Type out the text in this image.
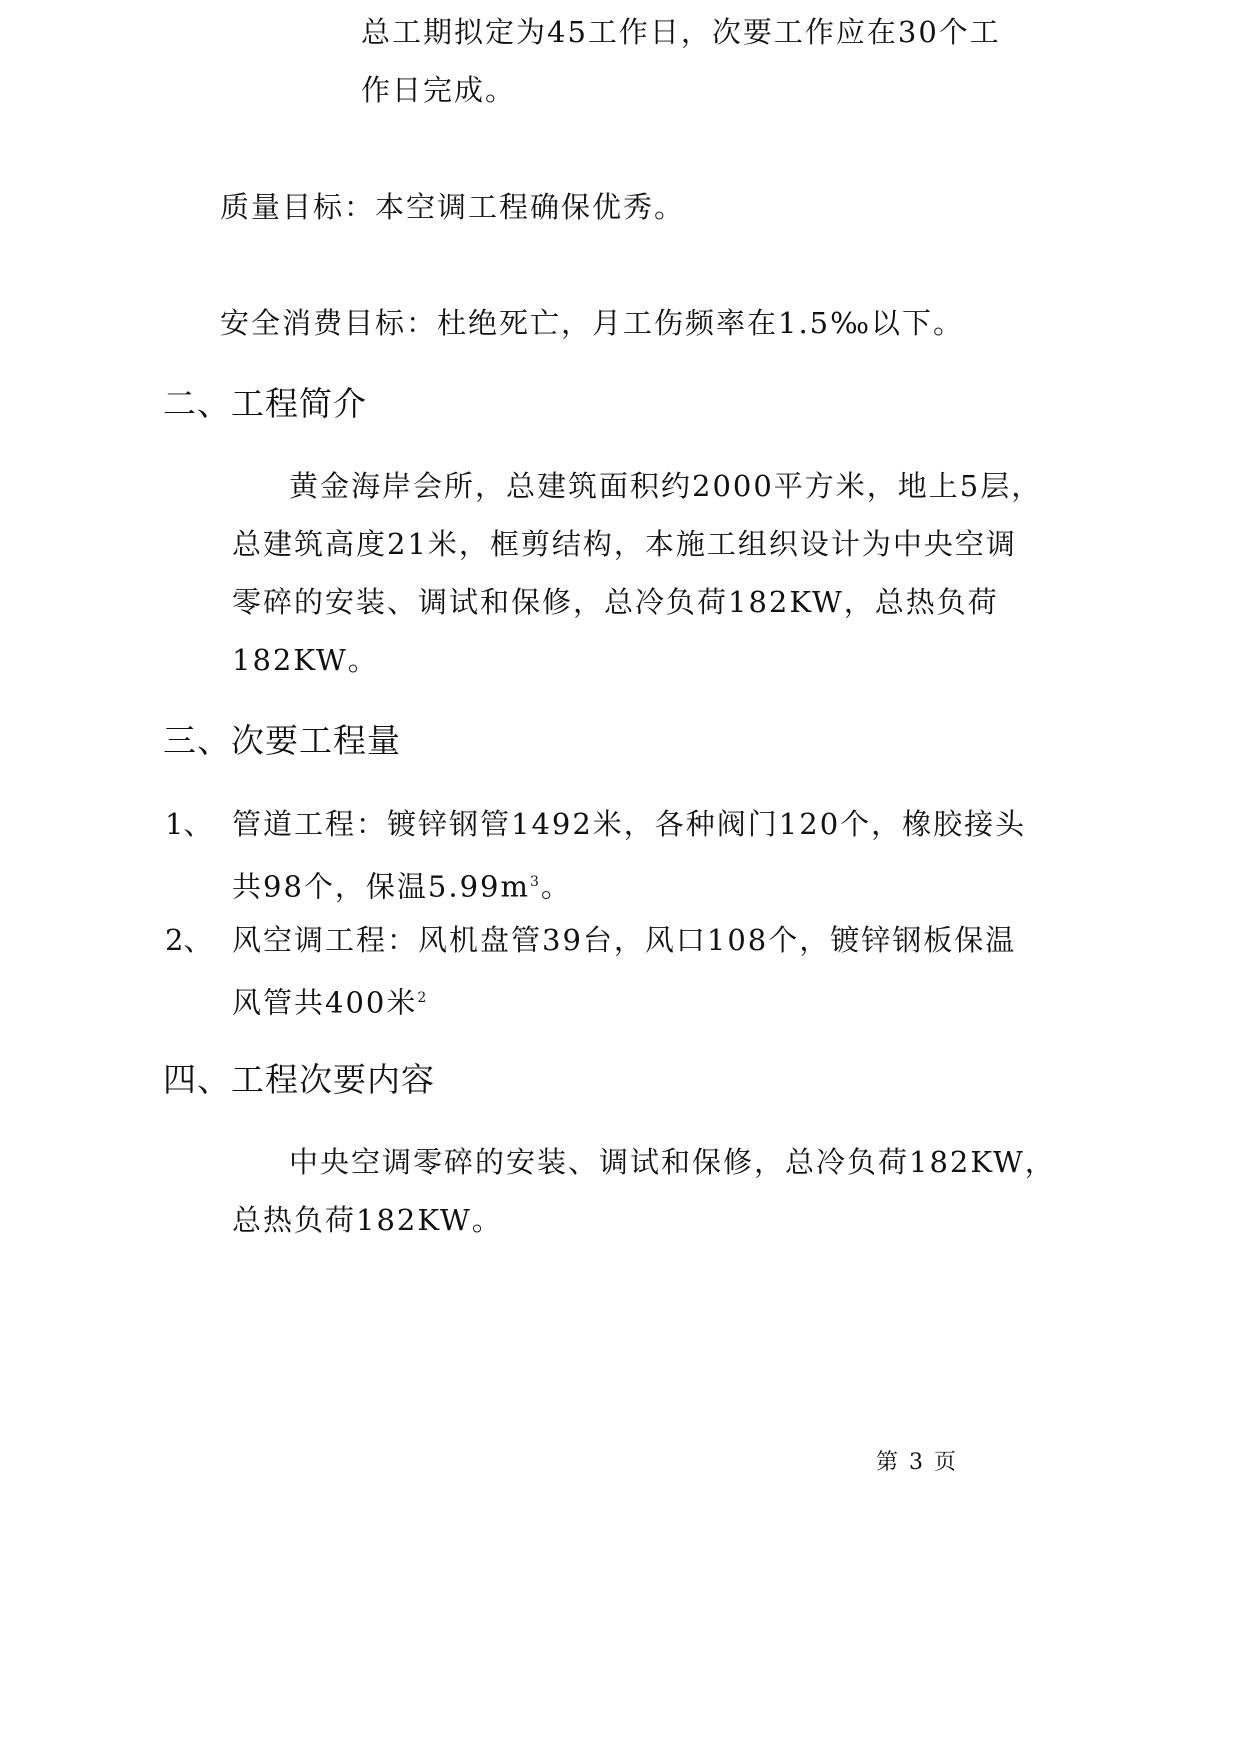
总工期拟定为45工作日，次要工作应在30个工
作日完成。
质量目标：本空调工程确保优秀。
安全消费目标：杜绝死亡，月工伤频率在1.5‰以下。
二、工程简介
黄金海岸会所，总建筑面积约2000平方米，地上5层，
总建筑高度21米，框剪结构，本施工组织设计为中央空调
零碎的安装、调试和保修，总冷负荷182KW，总热负荷
182KW。
三、次要工程量
1、 管道工程：镀锌钢管1492米，各种阀门120个，橡胶接头
共98个，保温$5.99m^3$。
2、 风空调工程：风机盘管39台，风口108个，镀锌钢板保温
风管共400米$^2$
四、工程次要内容
中央空调零碎的安装、调试和保修，总冷负荷182KW，
总热负荷182KW。
第 3 页
